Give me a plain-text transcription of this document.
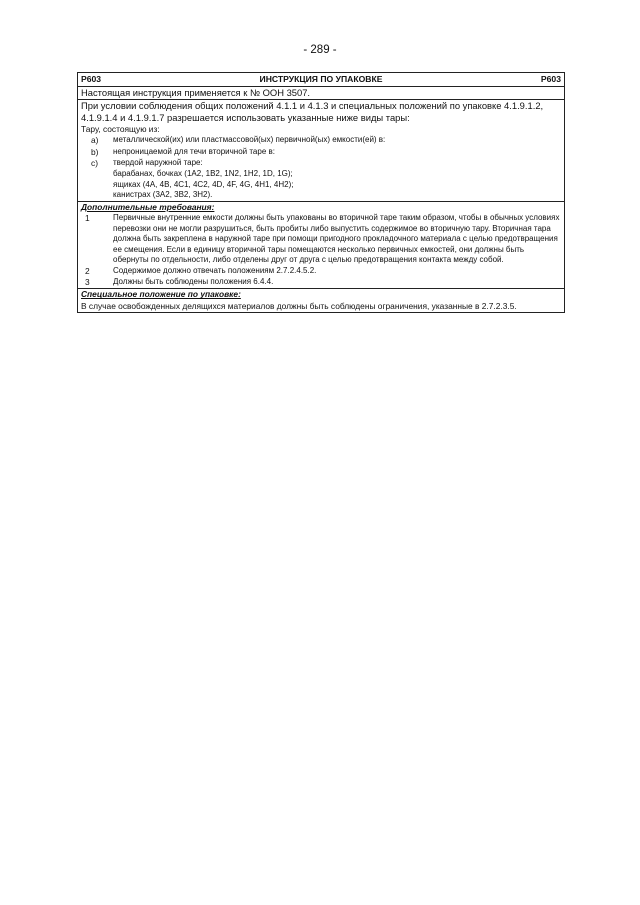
- 289 -
P603	ИНСТРУКЦИЯ ПО УПАКОВКЕ	P603
Настоящая инструкция применяется к № ООН 3507.
При условии соблюдения общих положений 4.1.1 и 4.1.3 и специальных положений по упаковке 4.1.9.1.2, 4.1.9.1.4 и 4.1.9.1.7 разрешается использовать указанные ниже виды тары:
Тару, состоящую из:
a)	металлической(их) или пластмассовой(ых) первичной(ых) емкости(ей) в:
b)	непроницаемой для течи вторичной таре в:
c)	твердой наружной таре:
барабанах, бочках (1A2, 1B2, 1N2, 1H2, 1D, 1G);
ящиках (4A, 4B, 4C1, 4C2, 4D, 4F, 4G, 4H1, 4H2);
канистрах (3A2, 3B2, 3H2).
Дополнительные требования:
1	Первичные внутренние емкости должны быть упакованы во вторичной таре таким образом, чтобы в обычных условиях перевозки они не могли разрушиться, быть пробиты либо выпустить содержимое во вторичную тару. Вторичная тара должна быть закреплена в наружной таре при помощи пригодного прокладочного материала с целью предотвращения ее смещения. Если в единицу вторичной тары помещаются несколько первичных емкостей, они должны быть обернуты по отдельности, либо отделены друг от друга с целью предотвращения контакта между собой.
2	Содержимое должно отвечать положениям 2.7.2.4.5.2.
3	Должны быть соблюдены положения 6.4.4.
Специальное положение по упаковке:
В случае освобожденных делящихся материалов должны быть соблюдены ограничения, указанные в 2.7.2.3.5.
